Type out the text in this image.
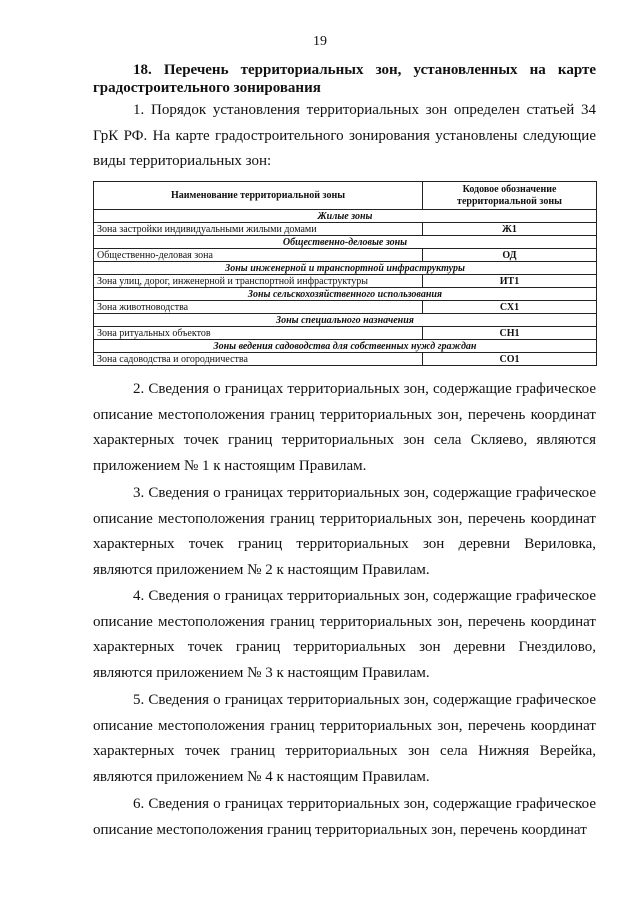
19
18. Перечень территориальных зон, установленных на карте градостроительного зонирования
1. Порядок установления территориальных зон определен статьей 34 ГрК РФ. На карте градостроительного зонирования установлены следующие виды территориальных зон:
Наименование территориальной зоны	Кодовое обозначение территориальной зоны
Жилые зоны	
Зона застройки индивидуальными жилыми домами	Ж1
Общественно-деловые зоны	
Общественно-деловая зона	ОД
Зоны инженерной и транспортной инфраструктуры	
Зона улиц, дорог, инженерной и транспортной инфраструктуры	ИТ1
Зоны сельскохозяйственного использования	
Зона животноводства	СХ1
Зоны специального назначения	
Зона ритуальных объектов	СН1
Зоны ведения садоводства для собственных нужд граждан	
Зона садоводства и огородничества	СО1
2. Сведения о границах территориальных зон, содержащие графическое описание местоположения границ территориальных зон, перечень координат характерных точек границ территориальных зон села Скляево, являются приложением № 1 к настоящим Правилам.
3. Сведения о границах территориальных зон, содержащие графическое описание местоположения границ территориальных зон, перечень координат характерных точек границ территориальных зон деревни Вериловка, являются приложением № 2 к настоящим Правилам.
4. Сведения о границах территориальных зон, содержащие графическое описание местоположения границ территориальных зон, перечень координат характерных точек границ территориальных зон деревни Гнездилово, являются приложением № 3 к настоящим Правилам.
5. Сведения о границах территориальных зон, содержащие графическое описание местоположения границ территориальных зон, перечень координат характерных точек границ территориальных зон села Нижняя Верейка, являются приложением № 4 к настоящим Правилам.
6. Сведения о границах территориальных зон, содержащие графическое описание местоположения границ территориальных зон, перечень координат
